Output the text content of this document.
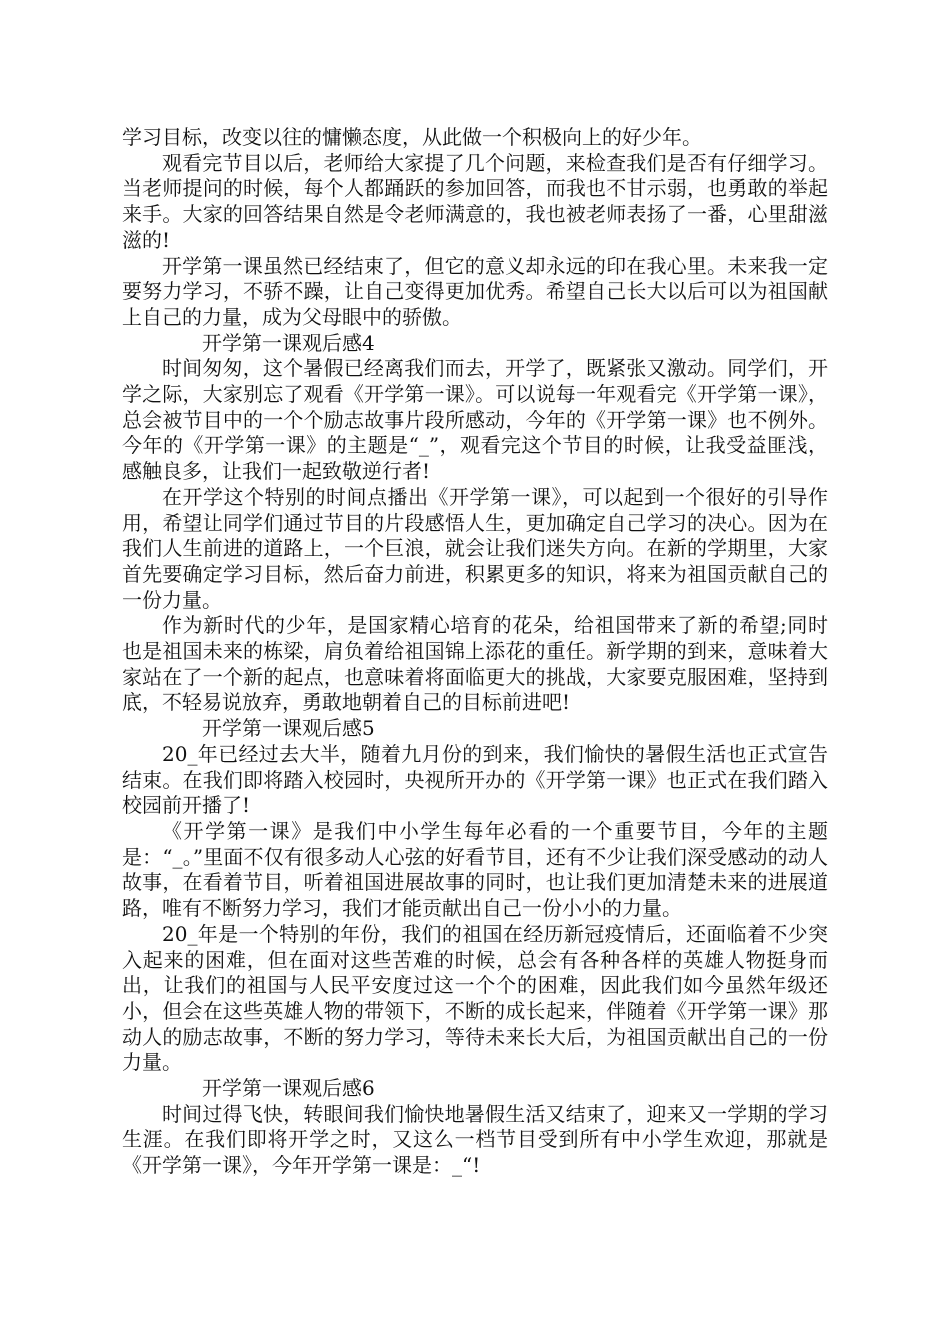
学习目标，改变以往的慵懒态度，从此做一个积极向上的好少年。

观看完节目以后，老师给大家提了几个问题，来检查我们是否有仔细学习。当老师提问的时候，每个人都踊跃的参加回答，而我也不甘示弱，也勇敢的举起来手。大家的回答结果自然是令老师满意的，我也被老师表扬了一番，心里甜滋滋的!

开学第一课虽然已经结束了，但它的意义却永远的印在我心里。未来我一定要努力学习，不骄不躁，让自己变得更加优秀。希望自己长大以后可以为祖国献上自己的力量，成为父母眼中的骄傲。

开学第一课观后感4

时间匆匆，这个暑假已经离我们而去，开学了，既紧张又激动。同学们，开学之际，大家别忘了观看《开学第一课》。可以说每一年观看完《开学第一课》，总会被节目中的一个个励志故事片段所感动，今年的《开学第一课》也不例外。今年的《开学第一课》的主题是“_”，观看完这个节目的时候，让我受益匪浅，感触良多，让我们一起致敬逆行者!

在开学这个特别的时间点播出《开学第一课》，可以起到一个很好的引导作用，希望让同学们通过节目的片段感悟人生，更加确定自己学习的决心。因为在我们人生前进的道路上，一个巨浪，就会让我们迷失方向。在新的学期里，大家首先要确定学习目标，然后奋力前进，积累更多的知识，将来为祖国贡献自己的一份力量。

作为新时代的少年，是国家精心培育的花朵，给祖国带来了新的希望;同时也是祖国未来的栋梁，肩负着给祖国锦上添花的重任。新学期的到来，意味着大家站在了一个新的起点，也意味着将面临更大的挑战，大家要克服困难，坚持到底，不轻易说放弃，勇敢地朝着自己的目标前进吧!

开学第一课观后感5

20_年已经过去大半，随着九月份的到来，我们愉快的暑假生活也正式宣告结束。在我们即将踏入校园时，央视所开办的《开学第一课》也正式在我们踏入校园前开播了!

《开学第一课》是我们中小学生每年必看的一个重要节目，今年的主题是：“_。”里面不仅有很多动人心弦的好看节目，还有不少让我们深受感动的动人故事，在看着节目，听着祖国进展故事的同时，也让我们更加清楚未来的进展道路，唯有不断努力学习，我们才能贡献出自己一份小小的力量。

20_年是一个特别的年份，我们的祖国在经历新冠疫情后，还面临着不少突入起来的困难，但在面对这些苦难的时候，总会有各种各样的英雄人物挺身而出，让我们的祖国与人民平安度过这一个个的困难，因此我们如今虽然年级还小，但会在这些英雄人物的带领下，不断的成长起来，伴随着《开学第一课》那动人的励志故事，不断的努力学习，等待未来长大后，为祖国贡献出自己的一份力量。

开学第一课观后感6

时间过得飞快，转眼间我们愉快地暑假生活又结束了，迎来又一学期的学习生涯。在我们即将开学之时，又这么一档节目受到所有中小学生欢迎，那就是《开学第一课》，今年开学第一课是：_“!
